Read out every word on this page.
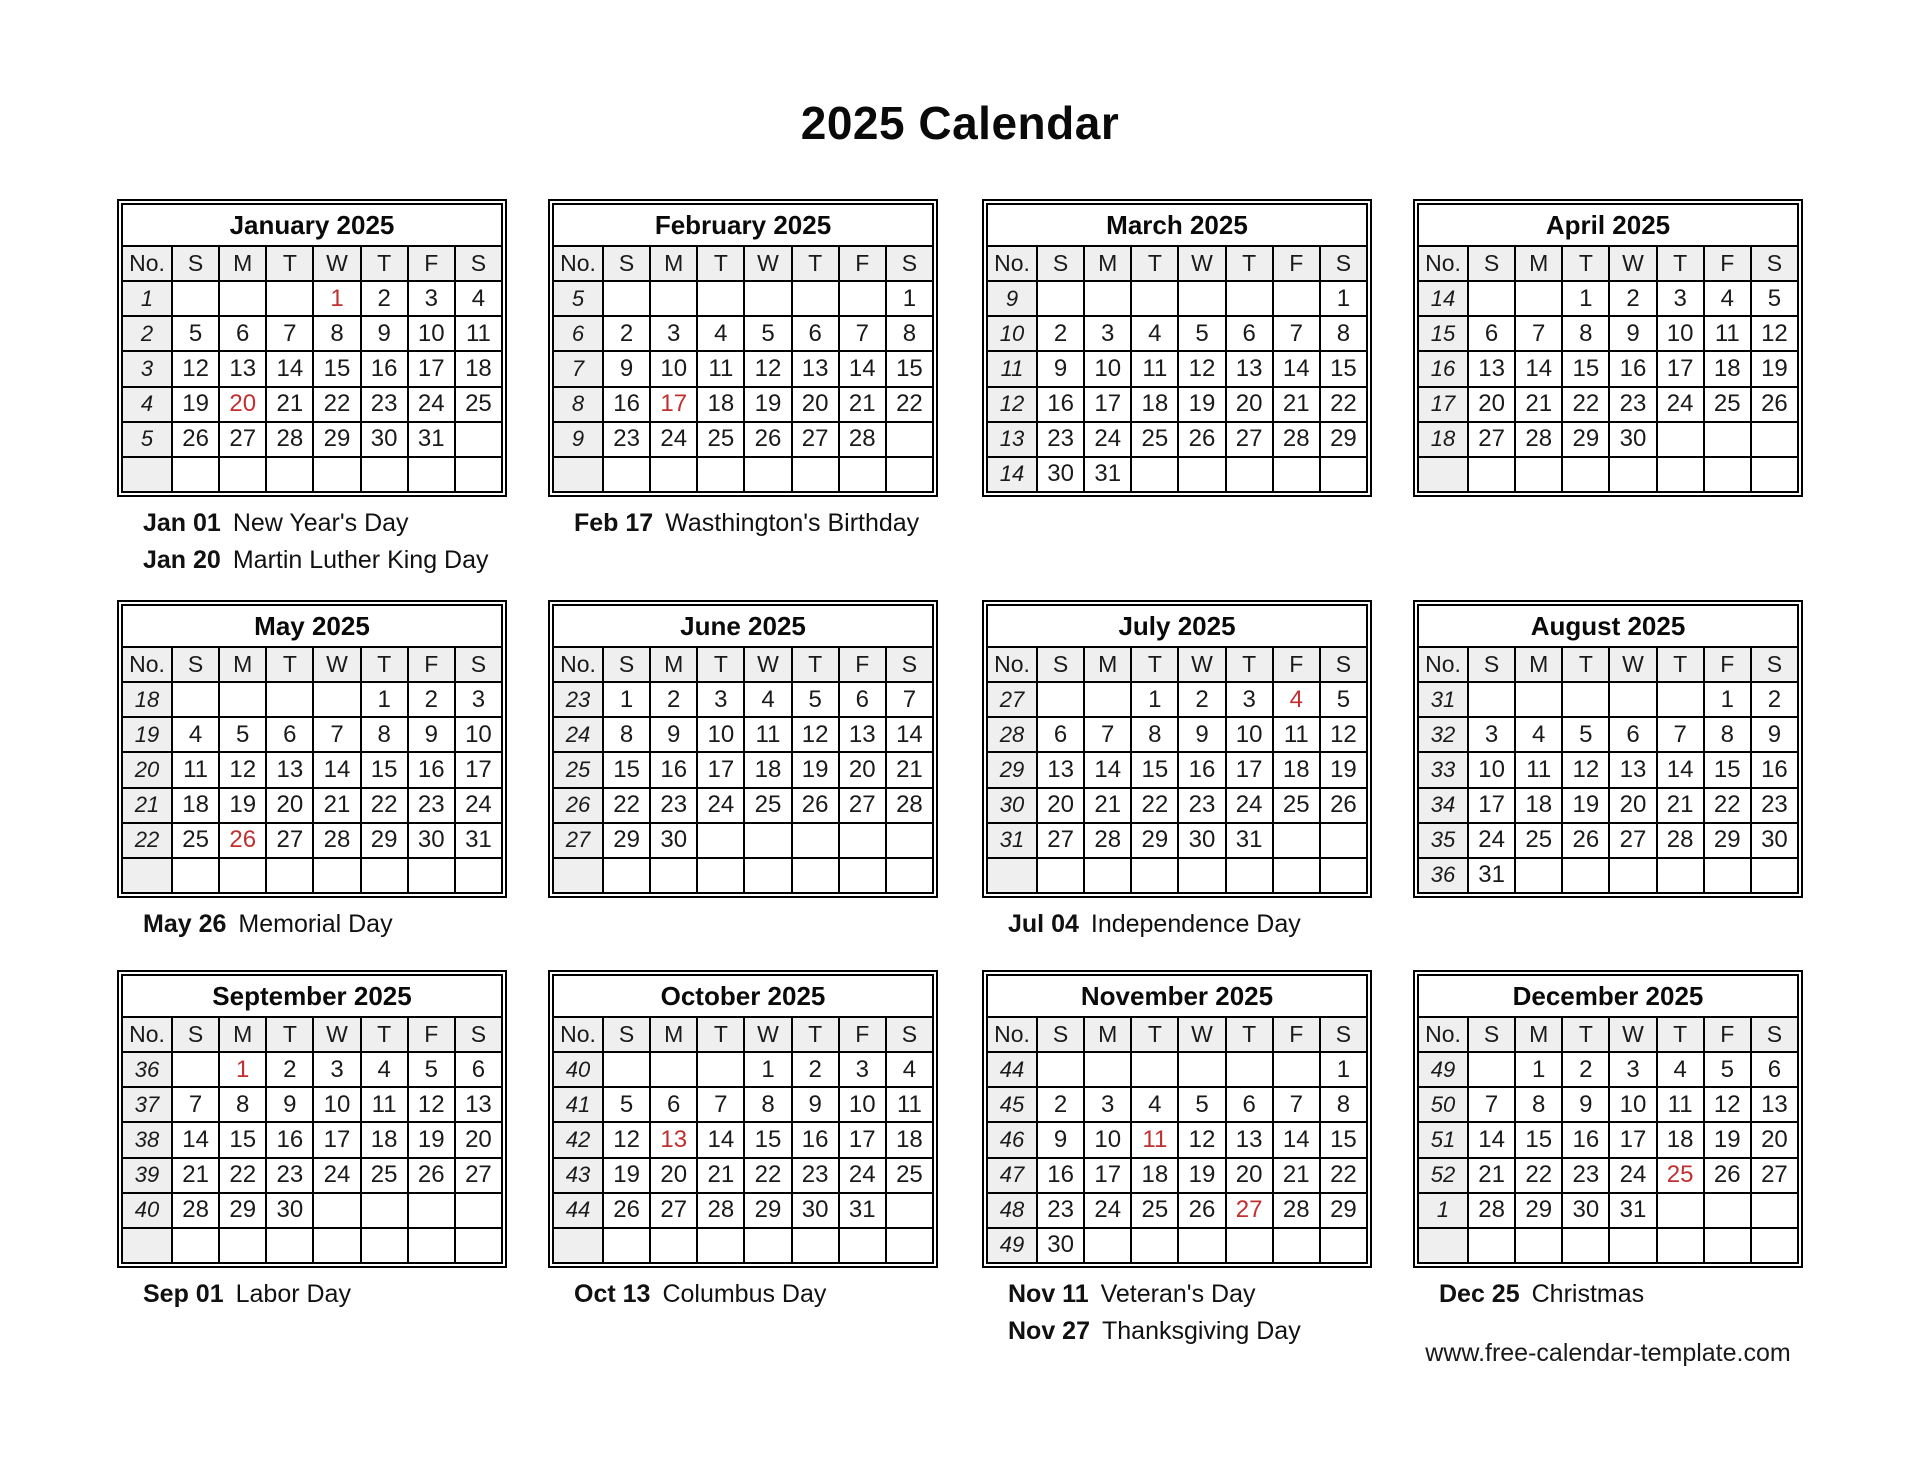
2025 Calendar
January 2025							
No.	S	M	T	W	T	F	S
1				1	2	3	4
2	5	6	7	8	9	10	11
3	12	13	14	15	16	17	18
4	19	20	21	22	23	24	25
5	26	27	28	29	30	31	

Jan 01 New Year's Day
Jan 20 Martin Luther King Day
February 2025							
No.	S	M	T	W	T	F	S
5							1
6	2	3	4	5	6	7	8
7	9	10	11	12	13	14	15
8	16	17	18	19	20	21	22
9	23	24	25	26	27	28	

Feb 17 Wasthington's Birthday
March 2025							
No.	S	M	T	W	T	F	S
9							1
10	2	3	4	5	6	7	8
11	9	10	11	12	13	14	15
12	16	17	18	19	20	21	22
13	23	24	25	26	27	28	29
14	30	31					
April 2025							
No.	S	M	T	W	T	F	S
14			1	2	3	4	5
15	6	7	8	9	10	11	12
16	13	14	15	16	17	18	19
17	20	21	22	23	24	25	26
18	27	28	29	30			

May 2025							
No.	S	M	T	W	T	F	S
18					1	2	3
19	4	5	6	7	8	9	10
20	11	12	13	14	15	16	17
21	18	19	20	21	22	23	24
22	25	26	27	28	29	30	31

May 26 Memorial Day
June 2025							
No.	S	M	T	W	T	F	S
23	1	2	3	4	5	6	7
24	8	9	10	11	12	13	14
25	15	16	17	18	19	20	21
26	22	23	24	25	26	27	28
27	29	30					

July 2025							
No.	S	M	T	W	T	F	S
27			1	2	3	4	5
28	6	7	8	9	10	11	12
29	13	14	15	16	17	18	19
30	20	21	22	23	24	25	26
31	27	28	29	30	31		

Jul 04 Independence Day
August 2025							
No.	S	M	T	W	T	F	S
31						1	2
32	3	4	5	6	7	8	9
33	10	11	12	13	14	15	16
34	17	18	19	20	21	22	23
35	24	25	26	27	28	29	30
36	31						
September 2025							
No.	S	M	T	W	T	F	S
36		1	2	3	4	5	6
37	7	8	9	10	11	12	13
38	14	15	16	17	18	19	20
39	21	22	23	24	25	26	27
40	28	29	30				

Sep 01 Labor Day
October 2025							
No.	S	M	T	W	T	F	S
40				1	2	3	4
41	5	6	7	8	9	10	11
42	12	13	14	15	16	17	18
43	19	20	21	22	23	24	25
44	26	27	28	29	30	31	

Oct 13 Columbus Day
November 2025							
No.	S	M	T	W	T	F	S
44							1
45	2	3	4	5	6	7	8
46	9	10	11	12	13	14	15
47	16	17	18	19	20	21	22
48	23	24	25	26	27	28	29
49	30						
Nov 11 Veteran's Day
Nov 27 Thanksgiving Day
December 2025							
No.	S	M	T	W	T	F	S
49		1	2	3	4	5	6
50	7	8	9	10	11	12	13
51	14	15	16	17	18	19	20
52	21	22	23	24	25	26	27
1	28	29	30	31			

Dec 25 Christmas
www.free-calendar-template.com
